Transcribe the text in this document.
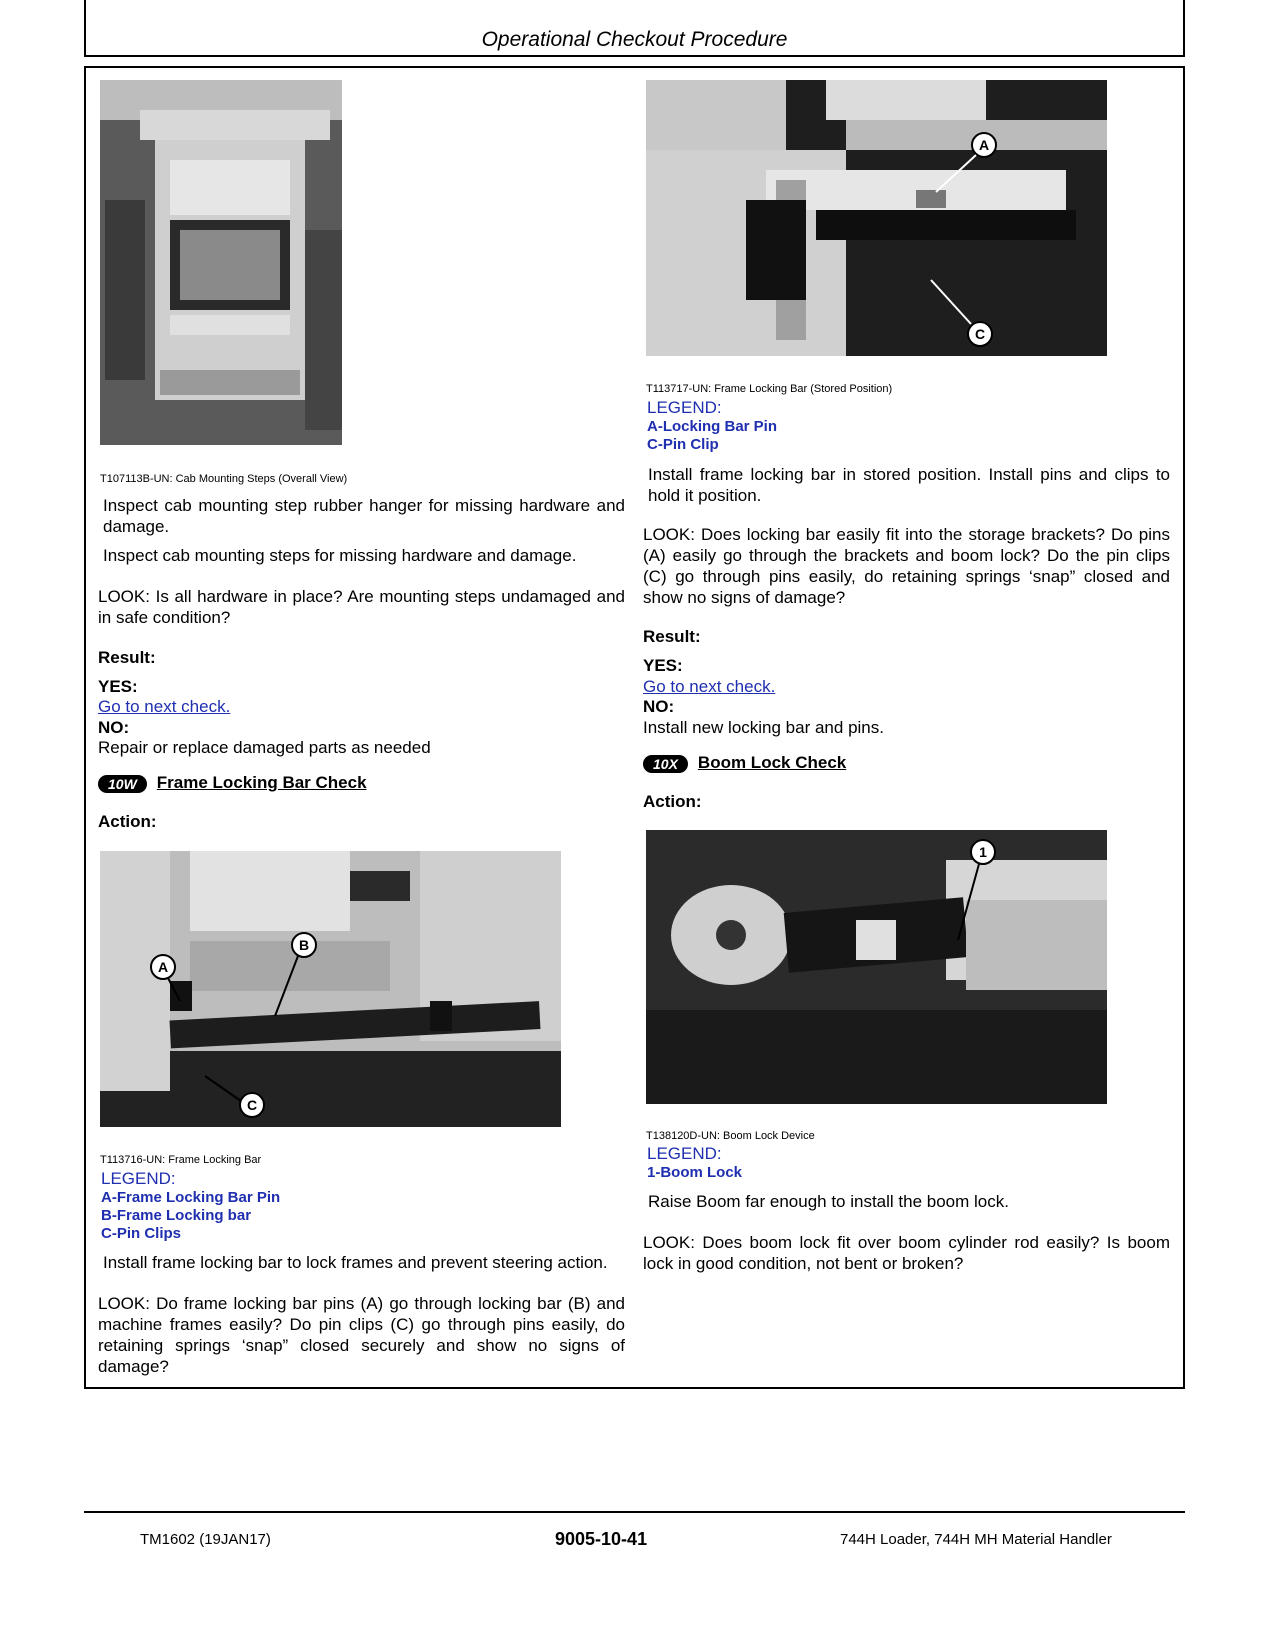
Operational Checkout Procedure
T107113B-UN: Cab Mounting Steps (Overall View)
Inspect cab mounting step rubber hanger for missing hardware and damage.
Inspect cab mounting steps for missing hardware and damage.
LOOK: Is all hardware in place? Are mounting steps undamaged and in safe condition?
Result:
YES:
Go to next check.
NO:
Repair or replace damaged parts as needed
10W Frame Locking Bar Check
Action:
A
B
C
T113716-UN: Frame Locking Bar
LEGEND:
A-Frame Locking Bar Pin
B-Frame Locking bar
C-Pin Clips
Install frame locking bar to lock frames and prevent steering action.
LOOK: Do frame locking bar pins (A) go through locking bar (B) and machine frames easily? Do pin clips (C) go through pins easily, do retaining springs ‘snap” closed securely and show no signs of damage?
A
C
T113717-UN: Frame Locking Bar (Stored Position)
LEGEND:
A-Locking Bar Pin
C-Pin Clip
Install frame locking bar in stored position. Install pins and clips to hold it position.
LOOK: Does locking bar easily fit into the storage brackets? Do pins (A) easily go through the brackets and boom lock? Do the pin clips (C) go through pins easily, do retaining springs ‘snap” closed and show no signs of damage?
Result:
YES:
Go to next check.
NO:
Install new locking bar and pins.
10X Boom Lock Check
Action:
1
T138120D-UN: Boom Lock Device
LEGEND:
1-Boom Lock
Raise Boom far enough to install the boom lock.
LOOK: Does boom lock fit over boom cylinder rod easily? Is boom lock in good condition, not bent or broken?
TM1602 (19JAN17)	9005-10-41	744H Loader, 744H MH Material Handler
